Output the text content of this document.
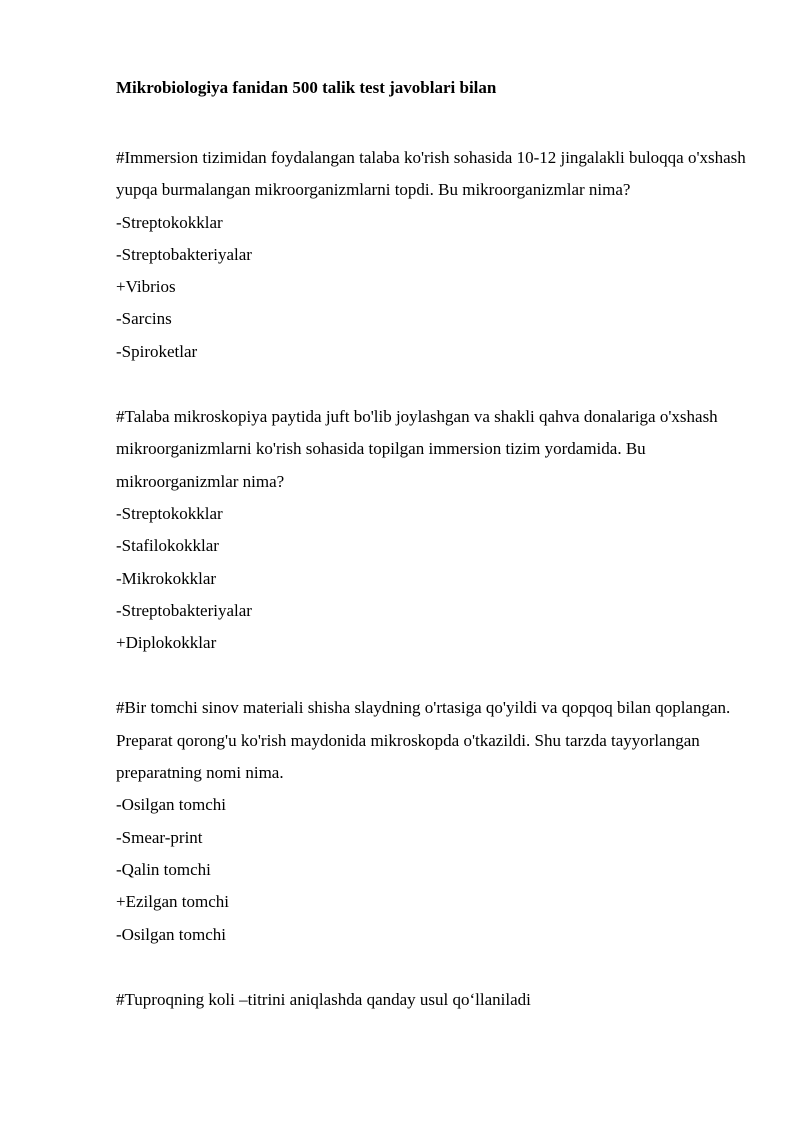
Mikrobiologiya fanidan 500 talik test javoblari bilan

#Immersion tizimidan foydalangan talaba ko'rish sohasida 10-12 jingalakli buloqqa o'xshash yupqa burmalangan mikroorganizmlarni topdi. Bu mikroorganizmlar nima?

-Streptokokklar
-Streptobakteriyalar
+Vibrios
-Sarcins
-Spiroketlar

#Talaba mikroskopiya paytida juft bo'lib joylashgan va shakli qahva donalariga o'xshash mikroorganizmlarni ko'rish sohasida topilgan immersion tizim yordamida. Bu mikroorganizmlar nima?

-Streptokokklar
-Stafilokokklar
-Mikrokokklar
-Streptobakteriyalar
+Diplokokklar

#Bir tomchi sinov materiali shisha slaydning o'rtasiga qo'yildi va qopqoq bilan qoplangan. Preparat qorong'u ko'rish maydonida mikroskopda o'tkazildi. Shu tarzda tayyorlangan preparatning nomi nima.

-Osilgan tomchi
-Smear-print
-Qalin tomchi
+Ezilgan tomchi
-Osilgan tomchi

#Tuproqning koli –titrini aniqlashda qanday usul qo‘llaniladi
